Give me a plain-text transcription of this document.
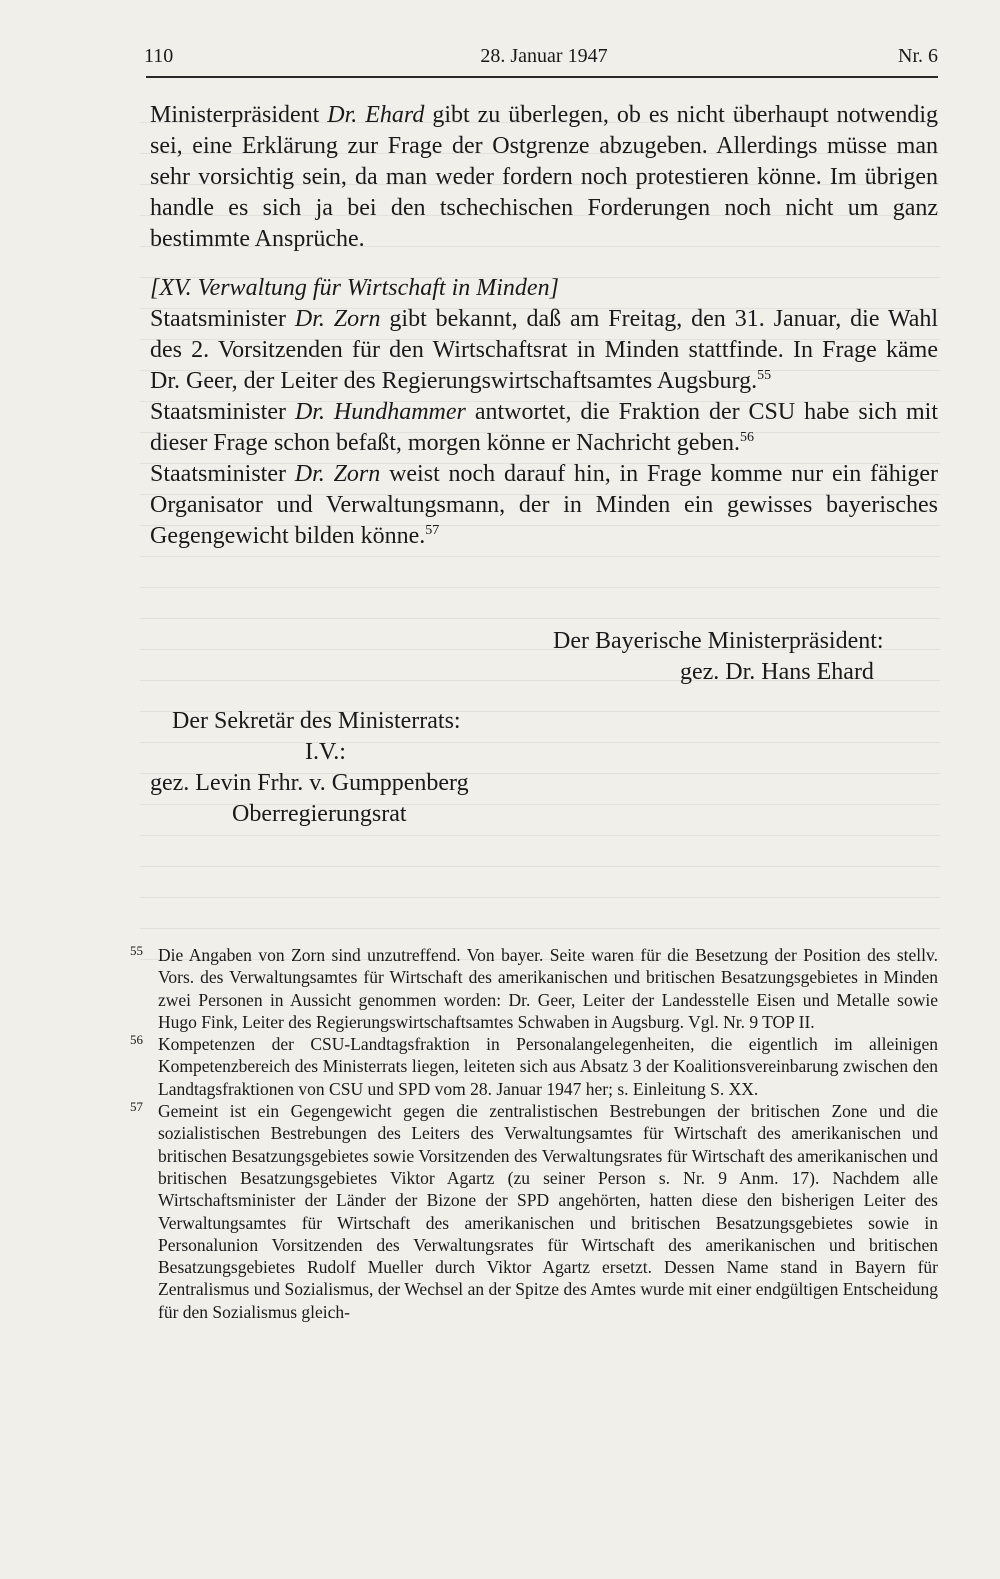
110	28. Januar 1947	Nr. 6

Ministerpräsident Dr. Ehard gibt zu überlegen, ob es nicht überhaupt notwendig sei, eine Erklärung zur Frage der Ostgrenze abzugeben. Allerdings müsse man sehr vorsichtig sein, da man weder fordern noch protestieren könne. Im übrigen handle es sich ja bei den tschechischen Forderungen noch nicht um ganz bestimmte Ansprüche.

[XV. Verwaltung für Wirtschaft in Minden]

Staatsminister Dr. Zorn gibt bekannt, daß am Freitag, den 31. Januar, die Wahl des 2. Vorsitzenden für den Wirtschaftsrat in Minden stattfinde. In Frage käme Dr. Geer, der Leiter des Regierungswirtschaftsamtes Augsburg.$^{55}$

Staatsminister Dr. Hundhammer antwortet, die Fraktion der CSU habe sich mit dieser Frage schon befaßt, morgen könne er Nachricht geben.$^{56}$

Staatsminister Dr. Zorn weist noch darauf hin, in Frage komme nur ein fähiger Organisator und Verwaltungsmann, der in Minden ein gewisses bayerisches Gegengewicht bilden könne.$^{57}$

Der Bayerische Ministerpräsident:
gez. Dr. Hans Ehard
Der Sekretär des Ministerrats:
I.V.:
gez. Levin Frhr. v. Gumppenberg
Oberregierungsrat
55 Die Angaben von Zorn sind unzutreffend. Von bayer. Seite waren für die Besetzung der Position des stellv. Vors. des Verwaltungsamtes für Wirtschaft des amerikanischen und britischen Besatzungsgebietes in Minden zwei Personen in Aussicht genommen worden: Dr. Geer, Leiter der Landesstelle Eisen und Metalle sowie Hugo Fink, Leiter des Regierungswirtschaftsamtes Schwaben in Augsburg. Vgl. Nr. 9 TOP II.
56 Kompetenzen der CSU-Landtagsfraktion in Personalangelegenheiten, die eigentlich im alleinigen Kompetenzbereich des Ministerrats liegen, leiteten sich aus Absatz 3 der Koalitionsvereinbarung zwischen den Landtagsfraktionen von CSU und SPD vom 28. Januar 1947 her; s. Einleitung S. XX.
57 Gemeint ist ein Gegengewicht gegen die zentralistischen Bestrebungen der britischen Zone und die sozialistischen Bestrebungen des Leiters des Verwaltungsamtes für Wirtschaft des amerikanischen und britischen Besatzungsgebietes sowie Vorsitzenden des Verwaltungsrates für Wirtschaft des amerikanischen und britischen Besatzungsgebietes Viktor Agartz (zu seiner Person s. Nr. 9 Anm. 17). Nachdem alle Wirtschaftsminister der Länder der Bizone der SPD angehörten, hatten diese den bisherigen Leiter des Verwaltungsamtes für Wirtschaft des amerikanischen und britischen Besatzungsgebietes sowie in Personalunion Vorsitzenden des Verwaltungsrates für Wirtschaft des amerikanischen und britischen Besatzungsgebietes Rudolf Mueller durch Viktor Agartz ersetzt. Dessen Name stand in Bayern für Zentralismus und Sozialismus, der Wechsel an der Spitze des Amtes wurde mit einer endgültigen Entscheidung für den Sozialismus gleich-
